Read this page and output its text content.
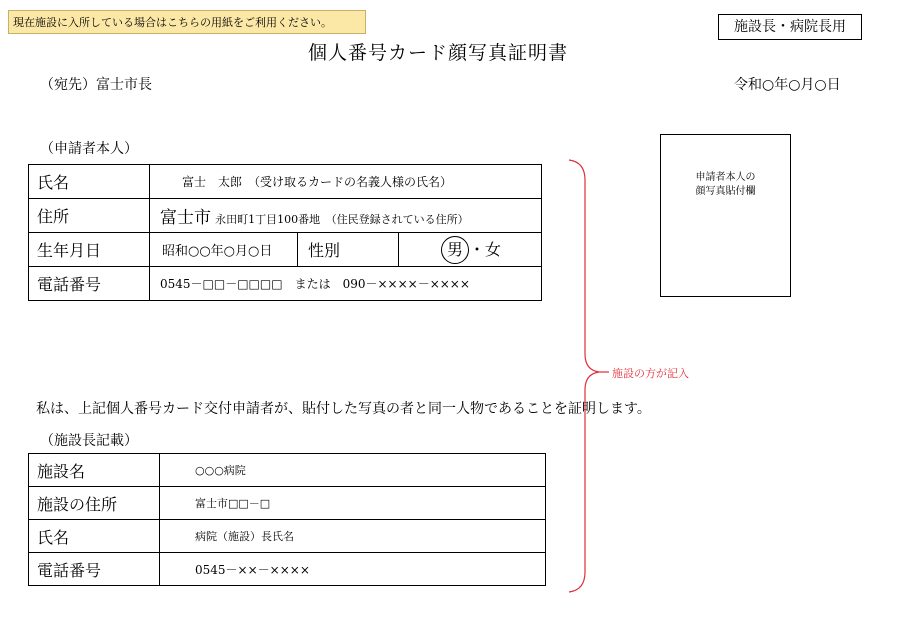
現在施設に入所している場合はこちらの用紙をご利用ください。	施設長・病院長用
個人番号カード顔写真証明書
（宛先）富士市長	令和○年○月○日
（申請者本人）
氏名	富士　太郎　（受け取るカードの名義人様の氏名）		
住所	富士市 永田町1丁目100番地　（住民登録されている住所）		
生年月日	昭和○○年○月○日	性別	男 ・女
電話番号	0545－□□－□□□□　または　090－××××－××××		
申請者本人の
顔写真貼付欄
施設の方が記入
私は、上記個人番号カード交付申請者が、貼付した写真の者と同一人物であることを証明します。
（施設長記載）
施設名	○○○病院
施設の住所	富士市□□－□
氏名	病院（施設）長氏名
電話番号	0545－××－××××
